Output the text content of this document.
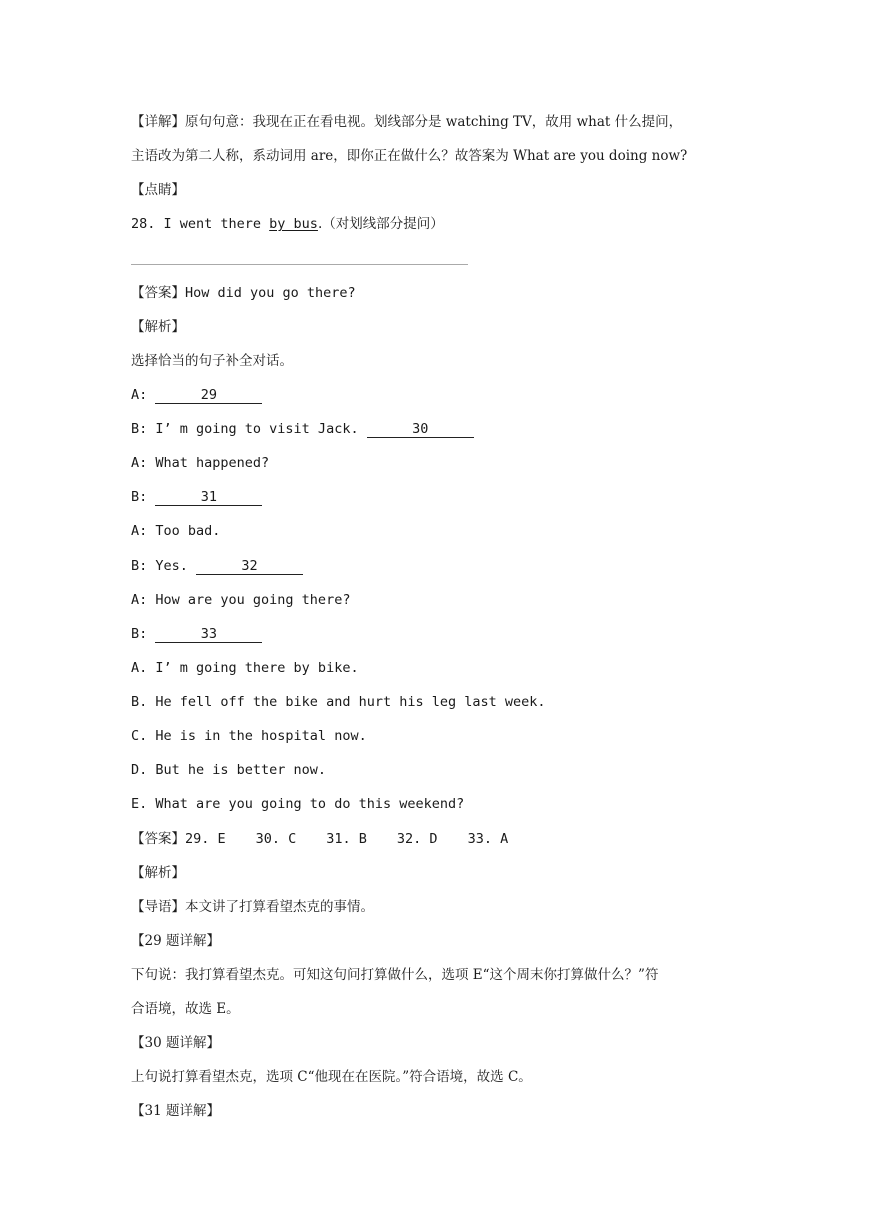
【详解】原句句意：我现在正在看电视。划线部分是 watching TV，故用 what 什么提问，
主语改为第二人称，系动词用 are，即你正在做什么？故答案为 What are you doing now?
【点睛】
28. I went there by bus.（对划线部分提问）
【答案】How did you go there?
【解析】
选择恰当的句子补全对话。
A:	29
B: I’ m going to visit Jack.	30
A: What happened?
B:	31
A: Too bad.
B: Yes.	32
A: How are you going there?
B:	33
A. I’ m going there by bike.
B. He fell off the bike and hurt his leg last week.
C. He is in the hospital now.
D. But he is better now.
E. What are you going to do this weekend?
【答案】29. E 30. C 31. B 32. D 33. A
【解析】
【导语】本文讲了打算看望杰克的事情。
【29 题详解】
下句说：我打算看望杰克。可知这句问打算做什么，选项 E“这个周末你打算做什么？”符
合语境，故选 E。
【30 题详解】
上句说打算看望杰克，选项 C“他现在在医院。”符合语境，故选 C。
【31 题详解】
